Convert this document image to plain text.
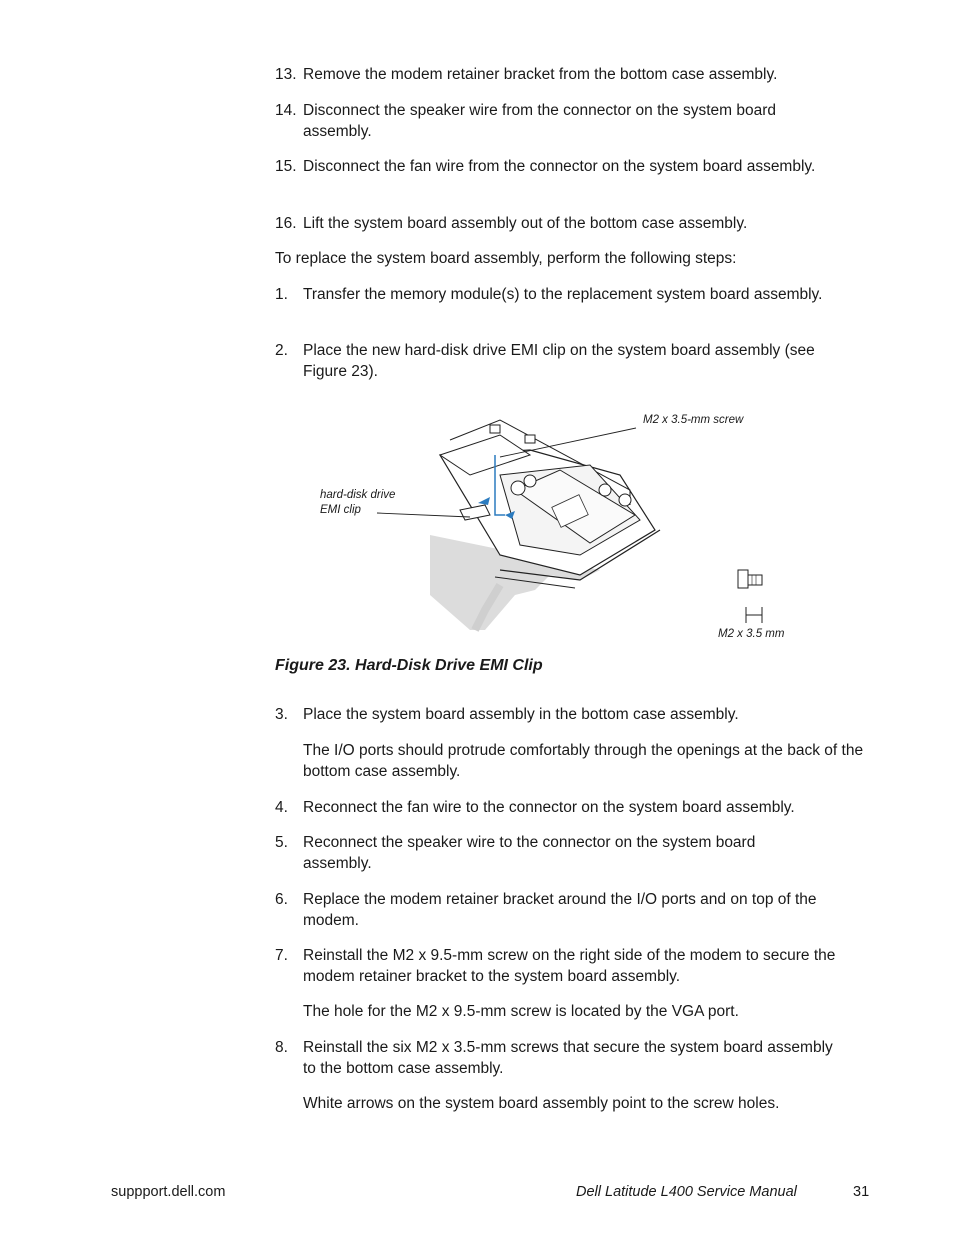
13. Remove the modem retainer bracket from the bottom case assembly.
14. Disconnect the speaker wire from the connector on the system board assembly.
15. Disconnect the fan wire from the connector on the system board assembly.
16. Lift the system board assembly out of the bottom case assembly.
To replace the system board assembly, perform the following steps:
1. Transfer the memory module(s) to the replacement system board assembly.
2. Place the new hard-disk drive EMI clip on the system board assembly (see Figure 23).
M2 x 3.5-mm screw
hard-disk drive
EMI clip
M2 x 3.5 mm
Figure 23. Hard-Disk Drive EMI Clip
3. Place the system board assembly in the bottom case assembly.
The I/O ports should protrude comfortably through the openings at the back of the bottom case assembly.
4. Reconnect the fan wire to the connector on the system board assembly.
5. Reconnect the speaker wire to the connector on the system board assembly.
6. Replace the modem retainer bracket around the I/O ports and on top of the modem.
7. Reinstall the M2 x 9.5-mm screw on the right side of the modem to secure the modem retainer bracket to the system board assembly.
The hole for the M2 x 9.5-mm screw is located by the VGA port.
8. Reinstall the six M2 x 3.5-mm screws that secure the system board assembly to the bottom case assembly.
White arrows on the system board assembly point to the screw holes.
suppport.dell.com	Dell Latitude L400 Service Manual	31
